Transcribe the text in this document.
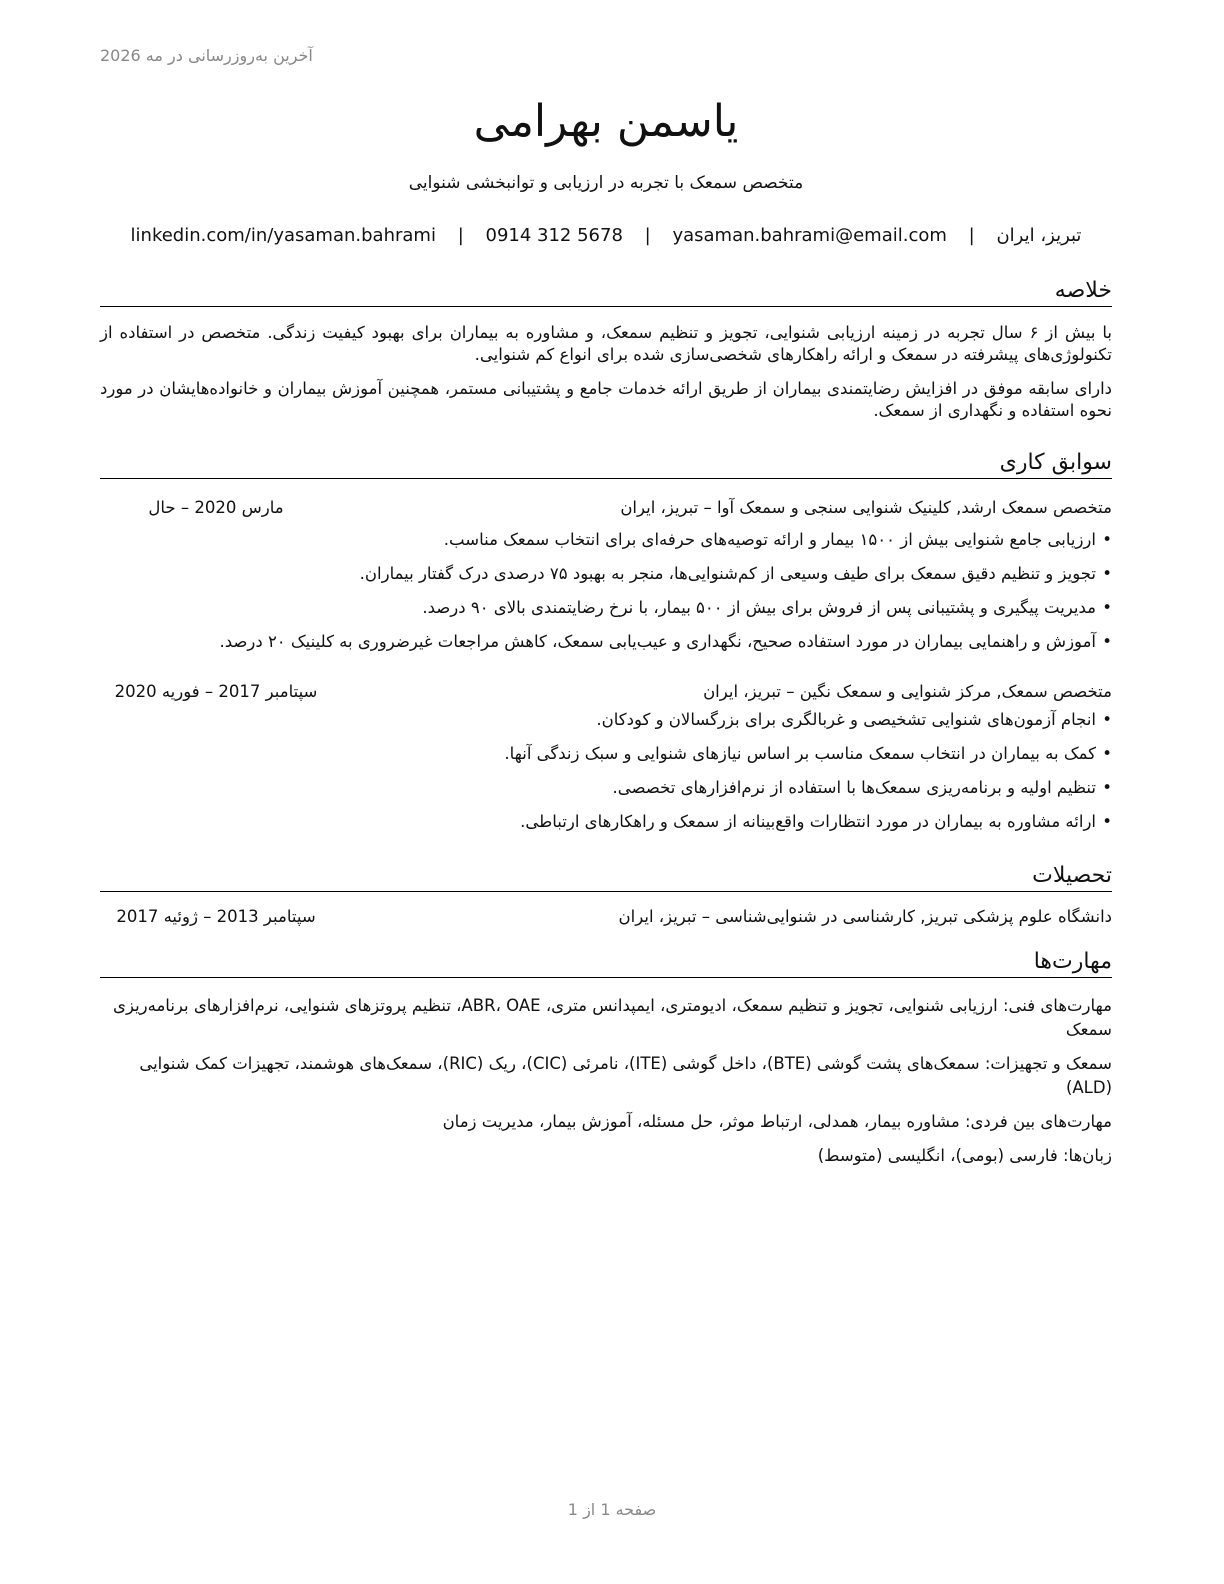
آخرین به‌روزرسانی در مه 2026
یاسمن بهرامی
متخصص سمعک با تجربه در ارزیابی و توانبخشی شنوایی
تبریز، ایران | yasaman.bahrami@email.com | 0914 312 5678 | linkedin.com/in/yasaman.bahrami
خلاصه

با بیش از ۶ سال تجربه در زمینه ارزیابی شنوایی، تجویز و تنظیم سمعک، و مشاوره به بیماران برای بهبود کیفیت زندگی. متخصص در استفاده از تکنولوژی‌های پیشرفته در سمعک و ارائه راهکارهای شخصی‌سازی شده برای انواع کم شنوایی.

دارای سابقه موفق در افزایش رضایتمندی بیماران از طریق ارائه خدمات جامع و پشتیبانی مستمر، همچنین آموزش بیماران و خانواده‌هایشان در مورد نحوه استفاده و نگهداری از سمعک.

سوابق کاری
متخصص سمعک ارشد, کلینیک شنوایی سنجی و سمعک آوا – تبریز، ایران
مارس 2020 – حال
• ارزیابی جامع شنوایی بیش از ۱۵۰۰ بیمار و ارائه توصیه‌های حرفه‌ای برای انتخاب سمعک مناسب.
• تجویز و تنظیم دقیق سمعک برای طیف وسیعی از کم‌شنوایی‌ها، منجر به بهبود ۷۵ درصدی درک گفتار بیماران.
• مدیریت پیگیری و پشتیبانی پس از فروش برای بیش از ۵۰۰ بیمار، با نرخ رضایتمندی بالای ۹۰ درصد.
• آموزش و راهنمایی بیماران در مورد استفاده صحیح، نگهداری و عیب‌یابی سمعک، کاهش مراجعات غیرضروری به کلینیک ۲۰ درصد.
متخصص سمعک, مرکز شنوایی و سمعک نگین – تبریز، ایران
سپتامبر 2017 – فوریه 2020
• انجام آزمون‌های شنوایی تشخیصی و غربالگری برای بزرگسالان و کودکان.
• کمک به بیماران در انتخاب سمعک مناسب بر اساس نیازهای شنوایی و سبک زندگی آنها.
• تنظیم اولیه و برنامه‌ریزی سمعک‌ها با استفاده از نرم‌افزارهای تخصصی.
• ارائه مشاوره به بیماران در مورد انتظارات واقع‌بینانه از سمعک و راهکارهای ارتباطی.
تحصیلات
دانشگاه علوم پزشکی تبریز, کارشناسی در شنوایی‌شناسی – تبریز، ایران
سپتامبر 2013 – ژوئیه 2017
مهارت‌ها

مهارت‌های فنی: ارزیابی شنوایی، تجویز و تنظیم سمعک، ادیومتری، ایمپدانس متری، ABR، OAE، تنظیم پروتزهای شنوایی، نرم‌افزارهای برنامه‌ریزی سمعک

سمعک و تجهیزات: سمعک‌های پشت گوشی (BTE)، داخل گوشی (ITE)، نامرئی (CIC)، ریک (RIC)، سمعک‌های هوشمند، تجهیزات کمک شنوایی (ALD)

مهارت‌های بین فردی: مشاوره بیمار، همدلی، ارتباط موثر، حل مسئله، آموزش بیمار، مدیریت زمان

زبان‌ها: فارسی (بومی)، انگلیسی (متوسط)

صفحه 1 از 1
